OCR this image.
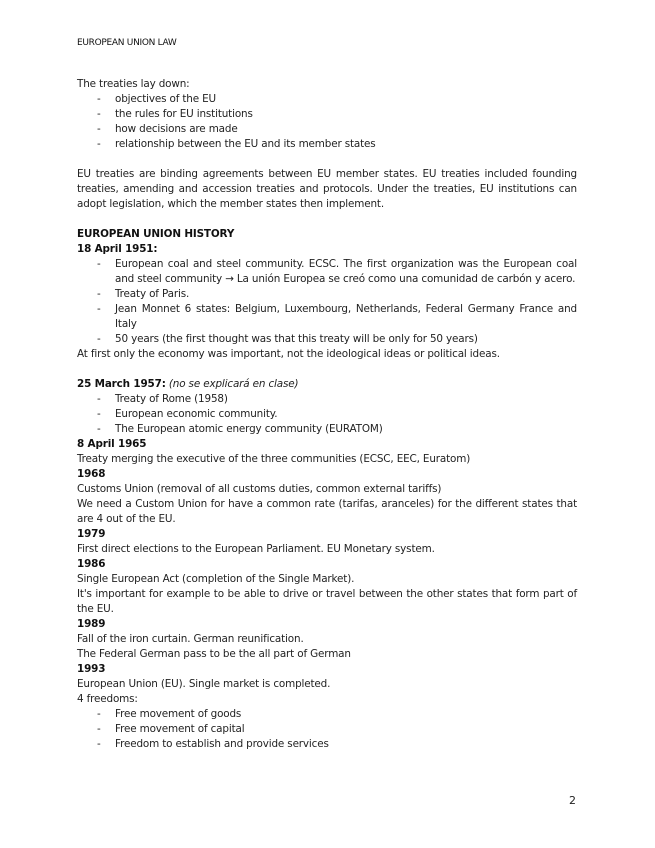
EUROPEAN UNION LAW

The treaties lay down:

- objectives of the EU
- the rules for EU institutions
- how decisions are made
- relationship between the EU and its member states

EU treaties are binding agreements between EU member states. EU treaties included founding treaties, amending and accession treaties and protocols. Under the treaties, EU institutions can adopt legislation, which the member states then implement.

EUROPEAN UNION HISTORY

18 April 1951:

- European coal and steel community. ECSC. The first organization was the European coal and steel community → La unión Europea se creó como una comunidad de carbón y acero.
- Treaty of Paris.
- Jean Monnet 6 states: Belgium, Luxembourg, Netherlands, Federal Germany France and Italy
- 50 years (the first thought was that this treaty will be only for 50 years)

At first only the economy was important, not the ideological ideas or political ideas.

25 March 1957: (no se explicará en clase)

- Treaty of Rome (1958)
- European economic community.
- The European atomic energy community (EURATOM)

8 April 1965

Treaty merging the executive of the three communities (ECSC, EEC, Euratom)

1968

Customs Union (removal of all customs duties, common external tariffs)

We need a Custom Union for have a common rate (tarifas, aranceles) for the different states that are 4 out of the EU.

1979

First direct elections to the European Parliament. EU Monetary system.

1986

Single European Act (completion of the Single Market).

It's important for example to be able to drive or travel between the other states that form part of the EU.

1989

Fall of the iron curtain. German reunification.

The Federal German pass to be the all part of German

1993

European Union (EU). Single market is completed.

4 freedoms:

- Free movement of goods
- Free movement of capital
- Freedom to establish and provide services
2
